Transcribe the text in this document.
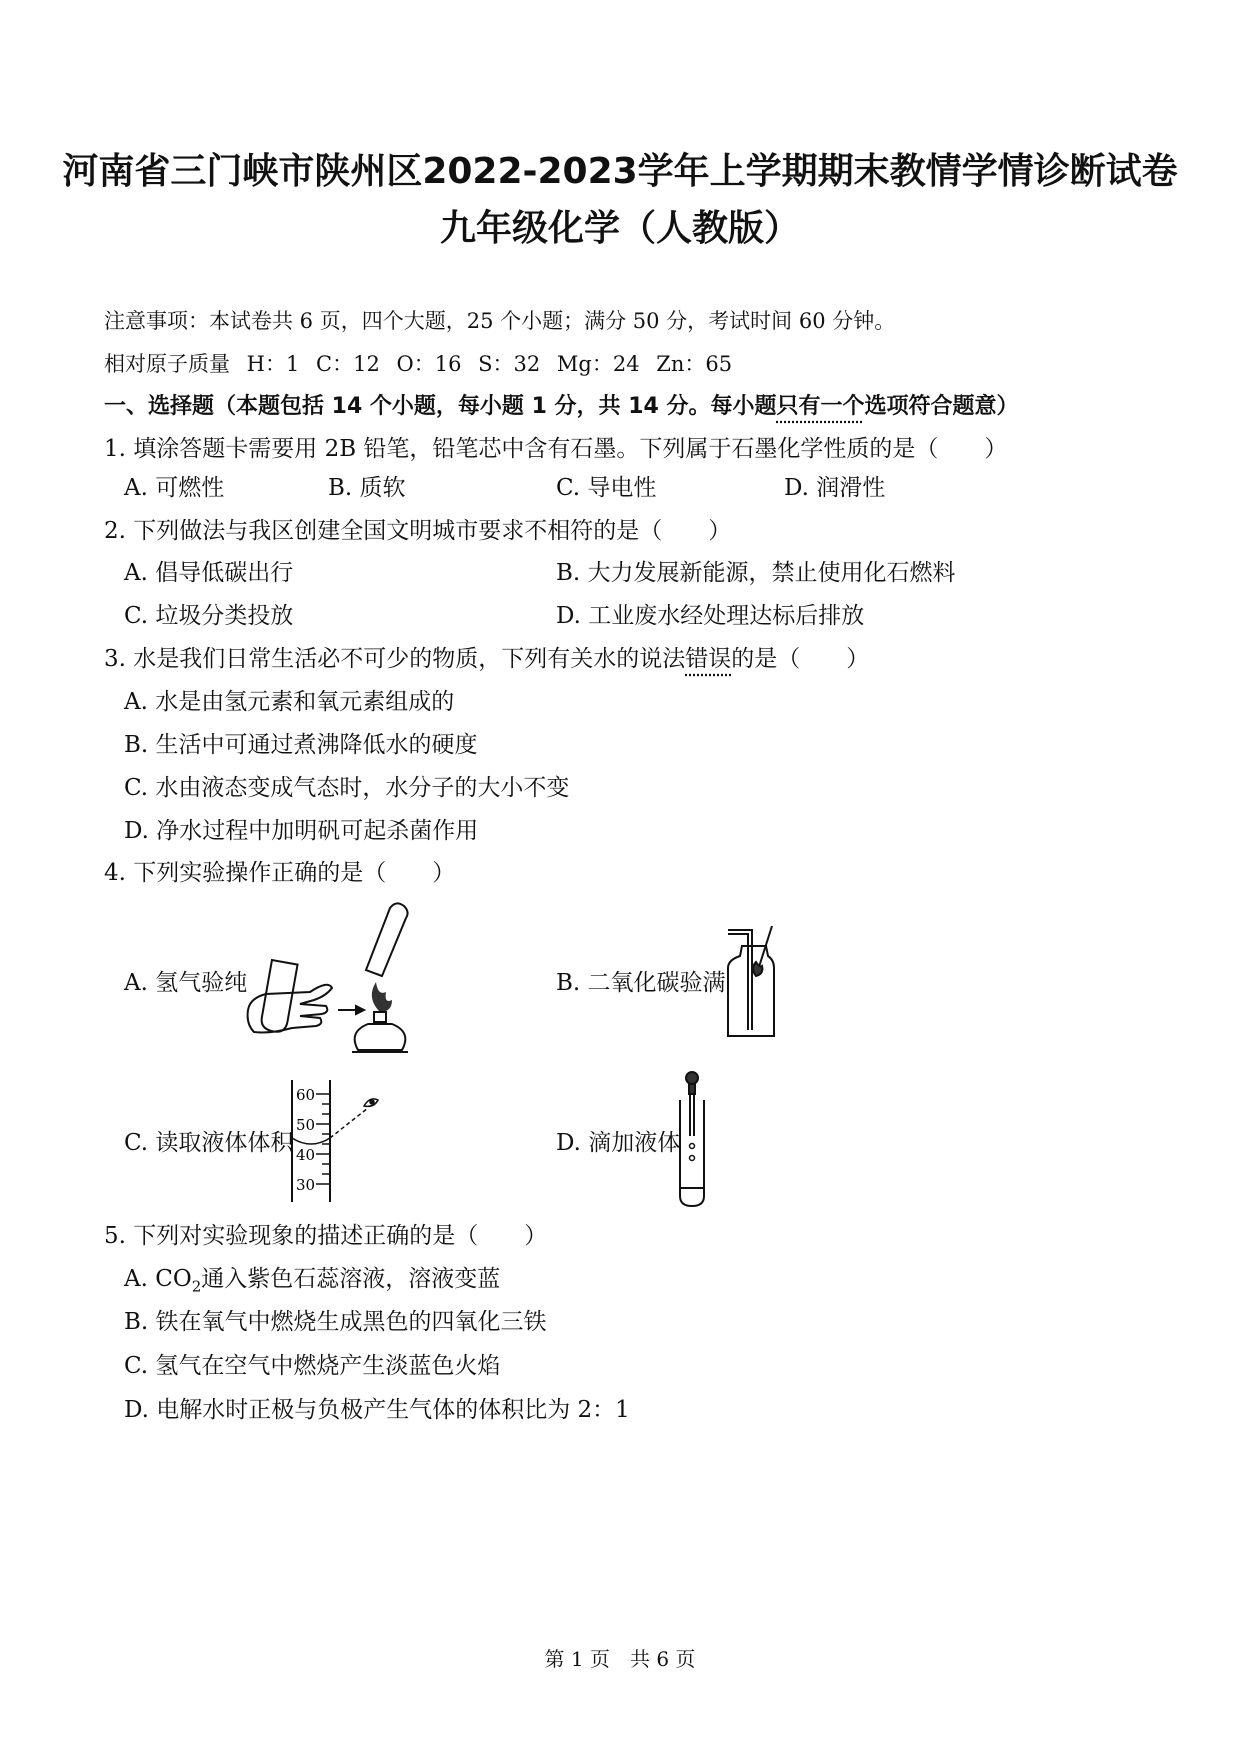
河南省三门峡市陕州区2022-2023学年上学期期末教情学情诊断试卷
九年级化学（人教版）
注意事项：本试卷共 6 页，四个大题，25 个小题；满分 50 分，考试时间 60 分钟。
相对原子质量 H：1 C：12 O：16 S：32 Mg：24 Zn：65
一、选择题（本题包括 14 个小题，每小题 1 分，共 14 分。每小题只有一个选项符合题意）
1. 填涂答题卡需要用 2B 铅笔，铅笔芯中含有石墨。下列属于石墨化学性质的是（　　）
A. 可燃性	B. 质软	C. 导电性	D. 润滑性
2. 下列做法与我区创建全国文明城市要求不相符的是（　　）
A. 倡导低碳出行	B. 大力发展新能源，禁止使用化石燃料
C. 垃圾分类投放	D. 工业废水经处理达标后排放
3. 水是我们日常生活必不可少的物质，下列有关水的说法错误的是（　　）
A. 水是由氢元素和氧元素组成的
B. 生活中可通过煮沸降低水的硬度
C. 水由液态变成气态时，水分子的大小不变
D. 净水过程中加明矾可起杀菌作用
4. 下列实验操作正确的是（　　）
A. 氢气验纯	B. 二氧化碳验满
C. 读取液体体积
60
50
40
30
D. 滴加液体
5. 下列对实验现象的描述正确的是（　　）
A. $CO_2$通入紫色石蕊溶液，溶液变蓝
B. 铁在氧气中燃烧生成黑色的四氧化三铁
C. 氢气在空气中燃烧产生淡蓝色火焰
D. 电解水时正极与负极产生气体的体积比为 2：1
第 1 页　共 6 页
